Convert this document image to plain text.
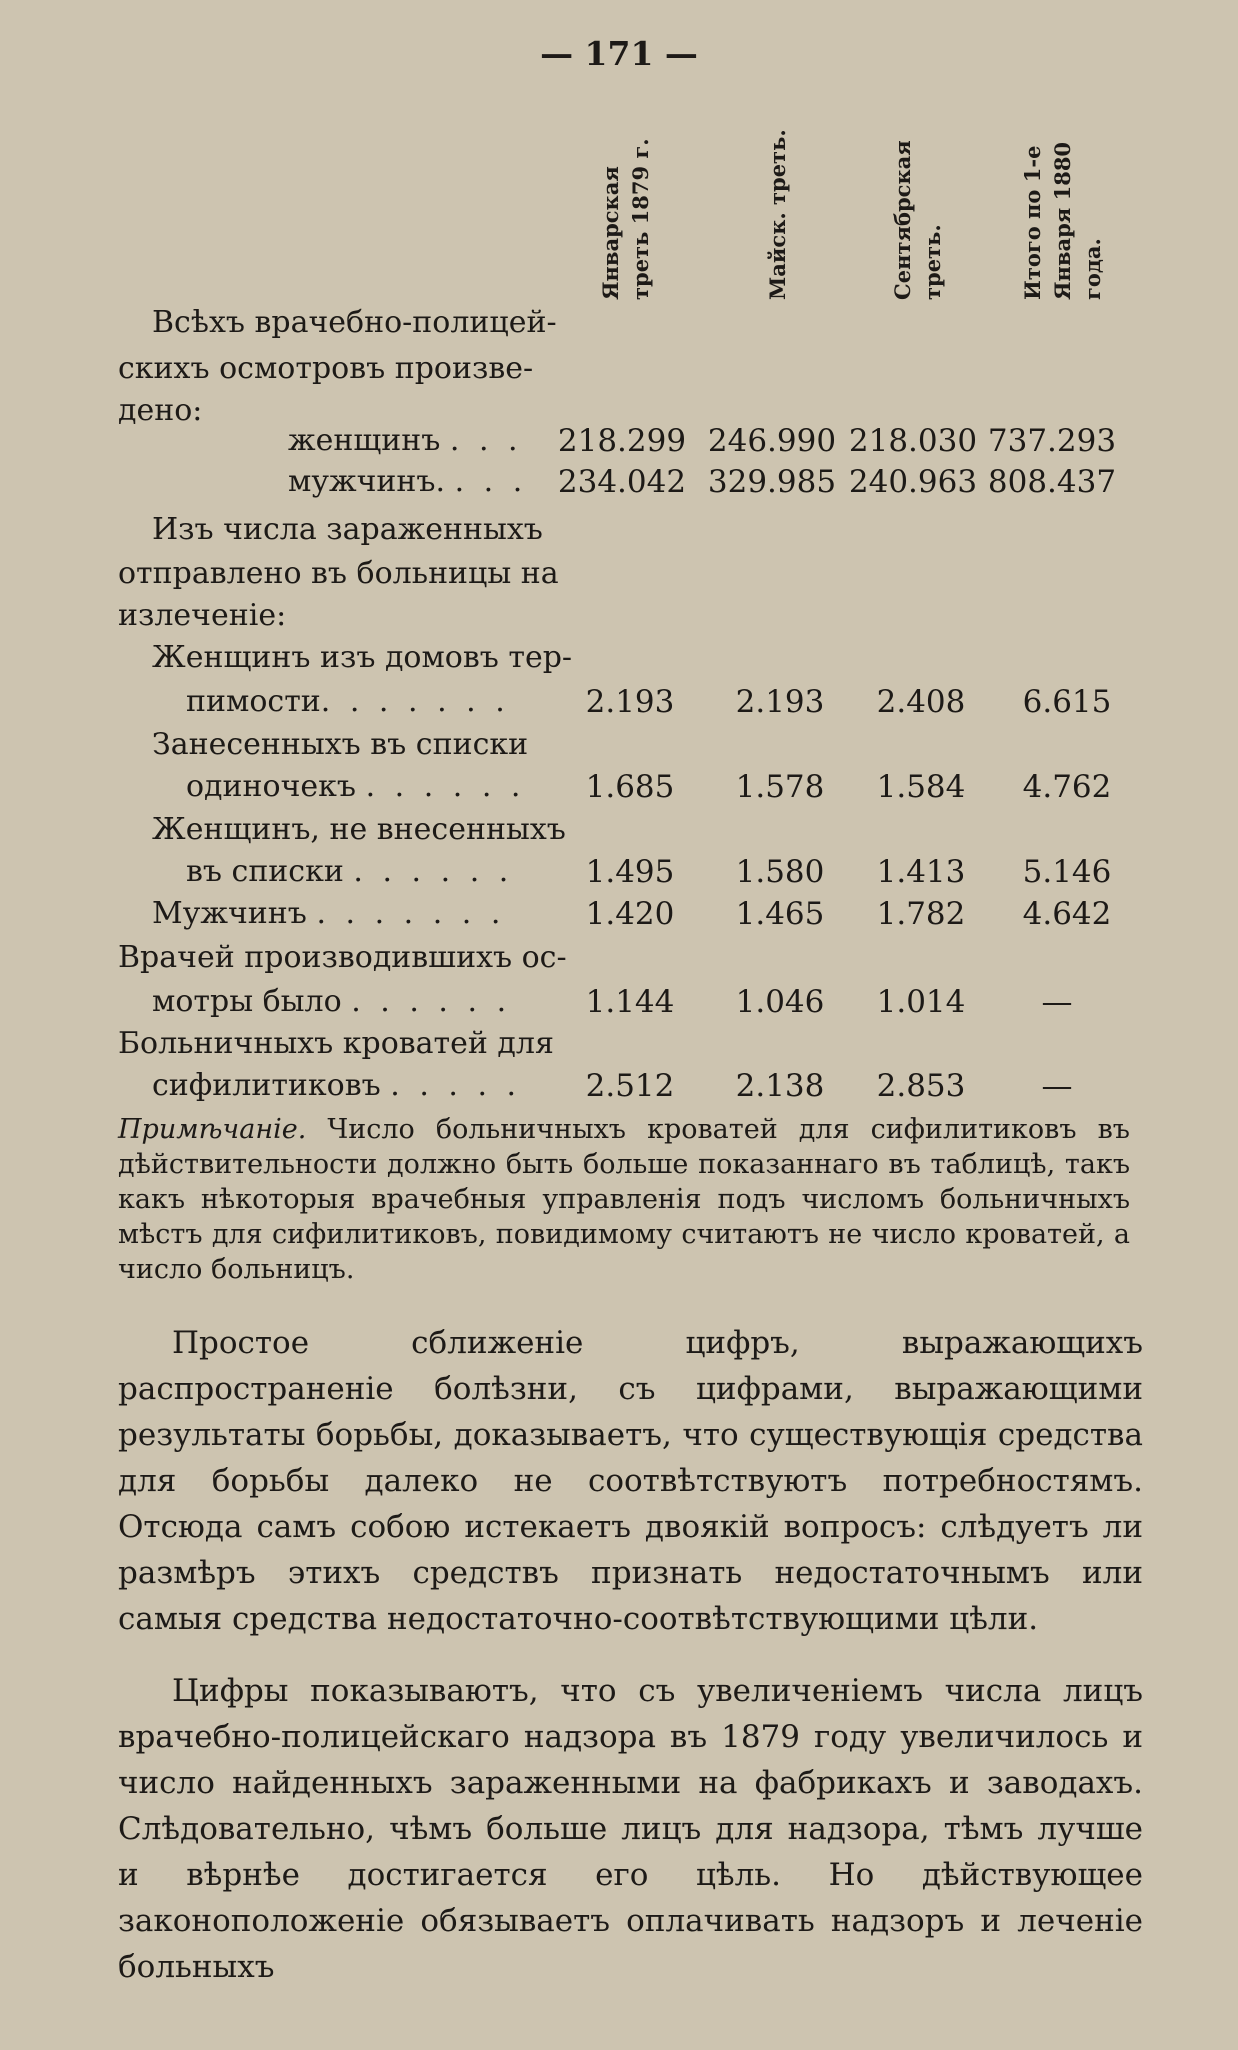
— 171 —
Январская треть 1879 г.	Майск. треть.	Сентябрская треть.	Итого по 1-е Января 1880 года.
Всѣхъ врачебно-полицей-
скихъ осмотровъ произве-
дено:
женщинъ . . .	218.299 246.990 218.030 737.293
мужчинъ. . . . 234.042 329.985 240.963 808.437
Изъ числа зараженныхъ
отправлено въ больницы на
излеченіе:
Женщинъ изъ домовъ тер-
пимости. . . . . . .	2.193	2.193	2.408	6.615
Занесенныхъ въ списки
одиночекъ . . . . . .	1.685	1.578	1.584	4.762
Женщинъ, не внесенныхъ
въ списки . . . . . .	1.495	1.580	1.413	5.146
Мужчинъ . . . . . . .	1.420	1.465	1.782	4.642
Врачей производившихъ ос-
мотры было . . . . . .	1.144	1.046	1.014	—
Больничныхъ кроватей для
сифилитиковъ . . . . .	2.512	2.138	2.853	—
Примѣчаніе. Число больничныхъ кроватей для сифилитиковъ въ дѣйствительности должно быть больше показаннаго въ таблицѣ, такъ какъ нѣкоторыя врачебныя управленія подъ числомъ больничныхъ мѣстъ для сифилитиковъ, повидимому считаютъ не число кроватей, а число больницъ.
Простое сближеніе цифръ, выражающихъ распространеніе болѣзни, съ цифрами, выражающими результаты борьбы, доказываетъ, что существующія средства для борьбы далеко не соотвѣтствуютъ потребностямъ. Отсюда самъ собою истекаетъ двоякій вопросъ: слѣдуетъ ли размѣръ этихъ средствъ признать недостаточнымъ или самыя средства недостаточно-соотвѣтствующими цѣли.
Цифры показываютъ, что съ увеличеніемъ числа лицъ врачебно-полицейскаго надзора въ 1879 году увеличилось и число найденныхъ зараженными на фабрикахъ и заводахъ. Слѣдовательно, чѣмъ больше лицъ для надзора, тѣмъ лучше и вѣрнѣе достигается его цѣль. Но дѣйствующее законоположеніе обязываетъ оплачивать надзоръ и леченіе больныхъ
